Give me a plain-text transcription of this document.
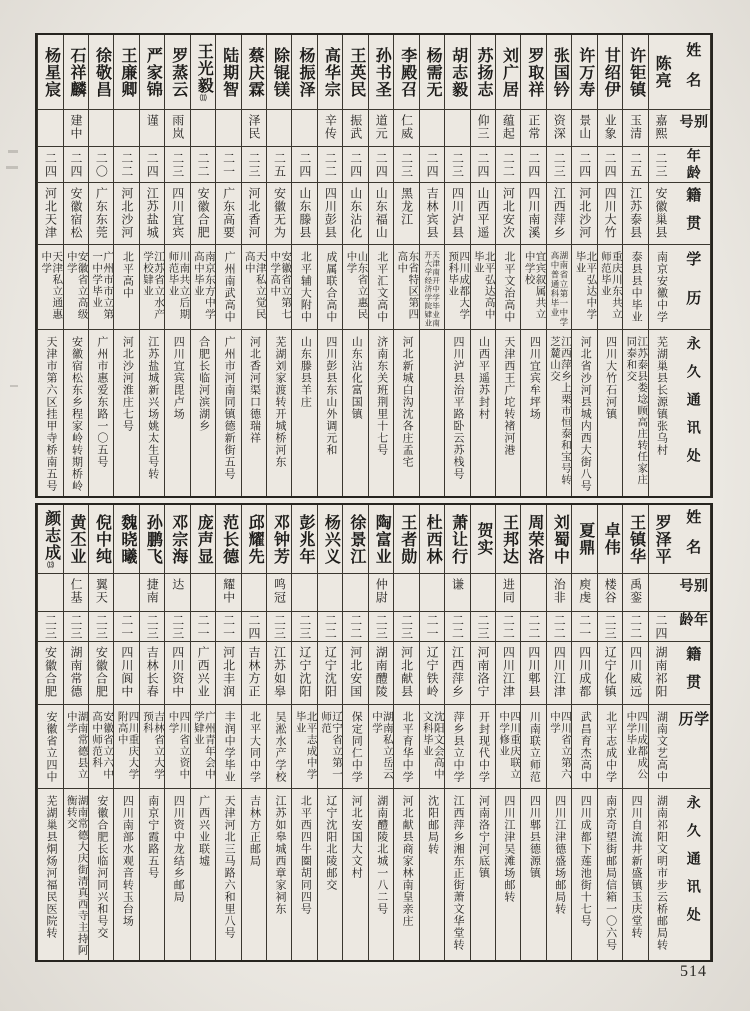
姓名
别号
年龄
籍贯
学历
永久通讯处
陈亮
嘉熙
二三
安徽巢县
南京安徽中学
芜湖巢县长源镇张乌村
许钜镇
玉清
二五
江苏泰县
泰县县中毕业
江苏泰县娄埝顾高庄转任家庄同泰和交
甘绍伊
业象
二四
四川大竹
重庆川东共立师范毕业
四川大竹石河镇
许万寿
景山
二四
河北沙河
北平弘达中学毕业
河北省沙河县城内西大街八号
张国钤
资深
二三
江西萍乡
湖南省立第一中学高中普通科毕业
江西萍乡上栗市恒泰和宝号转芝麓山交
罗取祥
正常
二四
四川南溪
宜宾叙属共立中学校
四川宜宾牟坪场
刘广居
蕴起
二二
河北安次
北平文治高中
天津西王广坨转褚河港
苏扬志
仰三
二四
山西平遥
北平弘达高中毕业
山西平遥苏封村
胡志毅
二三
四川泸县
四川成都大学预科毕业
四川泸县治平路卧云苏栈号
杨需无
二四
吉林宾县
天津南开中学毕业南开大学经济学院肄业
李殿召
仁威
二三
黑龙江
东省特区第四高中
河北新城白沟沈各庄孟宅
孙书圣
道元
二四
山东福山
北平汇文高中
济南东关班荆里十七号
王英民
振武
二四
山东沾化
山东省立惠民中学
山东沾化富国镇
高华宗
辛传
二二
四川彭县
成属联合高中
四川彭县东山外调元和
杨振泽
二四
山东滕县
北平辅大附中
山东滕县羊庄
除锟镁
二五
安徽无为
安徽省立第七中学高中
芜湖刘家渡转开城桥河东
蔡庆霖
泽民
二三
河北香河
天津私立觉民高中
河北香河渠口德瑞祥
陆期智
二一
广东高要
广州南武高中
广州市河南同镇德新街五号
王光毅⑾
二二
安徽合肥
南京东方中学高中毕业
合肥长临河滨湖乡
罗蒸云
雨岚
二三
四川宜宾
川南共立后期师范毕业
四川宜宾毘卢场
严家锦
谨
二四
江苏盐城
江苏省立水产学校肄业
江苏盐城新兴场姚太生号转
王廉卿
二二
河北沙河
北平高中
河北沙河淮庄七号
徐敬昌
二〇
广东东莞
广州市市立第一中学毕业
广州市惠爱东路一〇五号
石祥麟
建中
二四
安徽宿松
安徽省立高级中学
安徽宿松东乡程家岭转期桥岭
杨星宸
二四
河北天津
天津私立通惠中学
天津市第六区挂甲寺桥南五号
姓名
别号
年龄
籍贯
学历
永久通讯处
罗泽平
二四
湖南祁阳
湖南文艺高中
湖南祁阳文明市步云桥邮局转
王镇华
禹銮
二二
四川威远
四川成都成公中学毕业
四川自流井新盛镇玉庆堂转
卓伟
楼谷
二三
辽宁化镇
北平志成中学
南京奇望街邮局信箱一〇六号
夏鼎
庾虔
二一
四川成都
武昌育杰高中
四川成都下莲池街十七号
刘蜀中
治非
二二
四川江津
四川省立第六中学
四川江津德盛场邮局转
周荣洛
二二
四川郫县
川南联立师范
四川郫县德源镇
王邦达
进同
二二
四川江津
四川重庆联立中学修业
四川江津吴滩场邮转
贺实
二三
河南洛宁
开封现代中学
河南洛宁河底镇
萧让行
谦
二二
江西萍乡
萍乡县立中学
江西萍乡湘东正街萧文华堂转
杜西林
二一
辽宁铁岭
沈阳文会高中文科毕业
沈阳邮局转
王者勋
二三
河北献县
北平育华中学
河北献县商家林南皇亲庄
陶富业
仲尉
二三
湖南醴陵
湖南私立岳云中学
湖南醴陵北城一八二号
徐景江
二二
河北安国
保定同仁中学
河北安国大文村
杨兴义
二二
辽宁沈阳
辽宁省立第一师范
辽宁沈阳北陵邮交
彭兆年
二三
辽宁沈阳
北平志成中学毕业
北平西四牛圈胡同四号
邓钟芳
鸣冠
二三
江苏如皋
吴淞水产学校
江苏如皋城西章家祠东
邱耀先
二四
吉林方正
北平大同中学
吉林方正邮局
范长德
耀中
二一
河北丰润
丰润中学毕业
天津河北三马路六和里八号
庞声显
二一
广西兴业
广州青年会中学肄业
广西兴业联墟
邓宗海
达
二三
四川资中
四川省立资中中学
四川资中龙结乡邮局
孙鹏飞
捷南
二三
吉林长春
吉林省立大学预科
南京宁霞路五号
魏晓曦
二一
四川阆中
四川重庆大学附高中
四川南部水观音转玉台场
倪中纯
翼天
二三
安徽合肥
安徽省立六中高中师范科
安徽合肥长临河同兴和号交
黄丕业
仁基
二三
湖南常德
湖南常德县立中学
湖南常德大庆街清真西寺主持阿衡转交
颜志成⒀
二三
安徽合肥
安徽省立四中
芜湖巢县烔炀河福民医院转
514
